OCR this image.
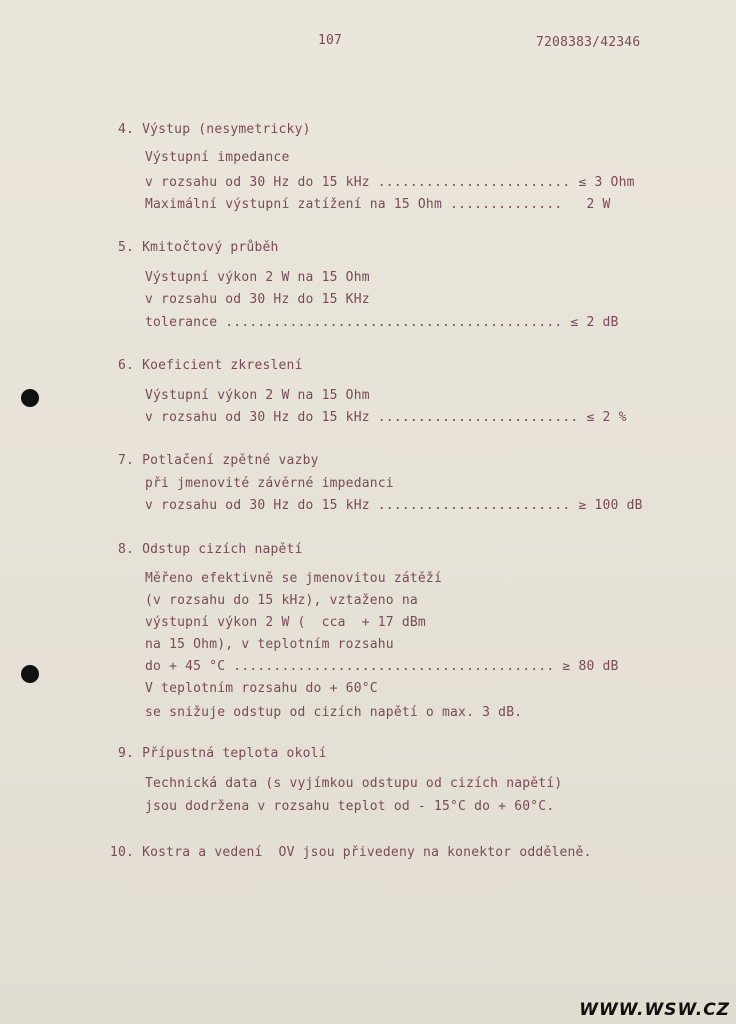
107	7208383/42346
4. Výstup (nesymetricky)
Výstupní impedance
v rozsahu od 30 Hz do 15 kHz ........................ ≤ 3 Ohm
Maximální výstupní zatížení na 15 Ohm ..............   2 W
5. Kmitočtový průběh
Výstupní výkon 2 W na 15 Ohm
v rozsahu od 30 Hz do 15 KHz
tolerance .......................................... ≤ 2 dB
6. Koeficient zkreslení
Výstupní výkon 2 W na 15 Ohm
v rozsahu od 30 Hz do 15 kHz ......................... ≤ 2 %
7. Potlačení zpětné vazby
při jmenovité závěrné impedanci
v rozsahu od 30 Hz do 15 kHz ........................ ≥ 100 dB
8. Odstup cizích napětí
Měřeno efektivně se jmenovitou zátěží
(v rozsahu do 15 kHz), vztaženo na
výstupní výkon 2 W (  cca  + 17 dBm
na 15 Ohm), v teplotním rozsahu
do + 45 °C ........................................ ≥ 80 dB
V teplotním rozsahu do + 60°C
se snižuje odstup od cizích napětí o max. 3 dB.
9. Přípustná teplota okolí
Technická data (s vyjímkou odstupu od cizích napětí)
jsou dodržena v rozsahu teplot od - 15°C do + 60°C.
10. Kostra a vedení  OV jsou přivedeny na konektor odděleně.
WWW.WSW.CZ
